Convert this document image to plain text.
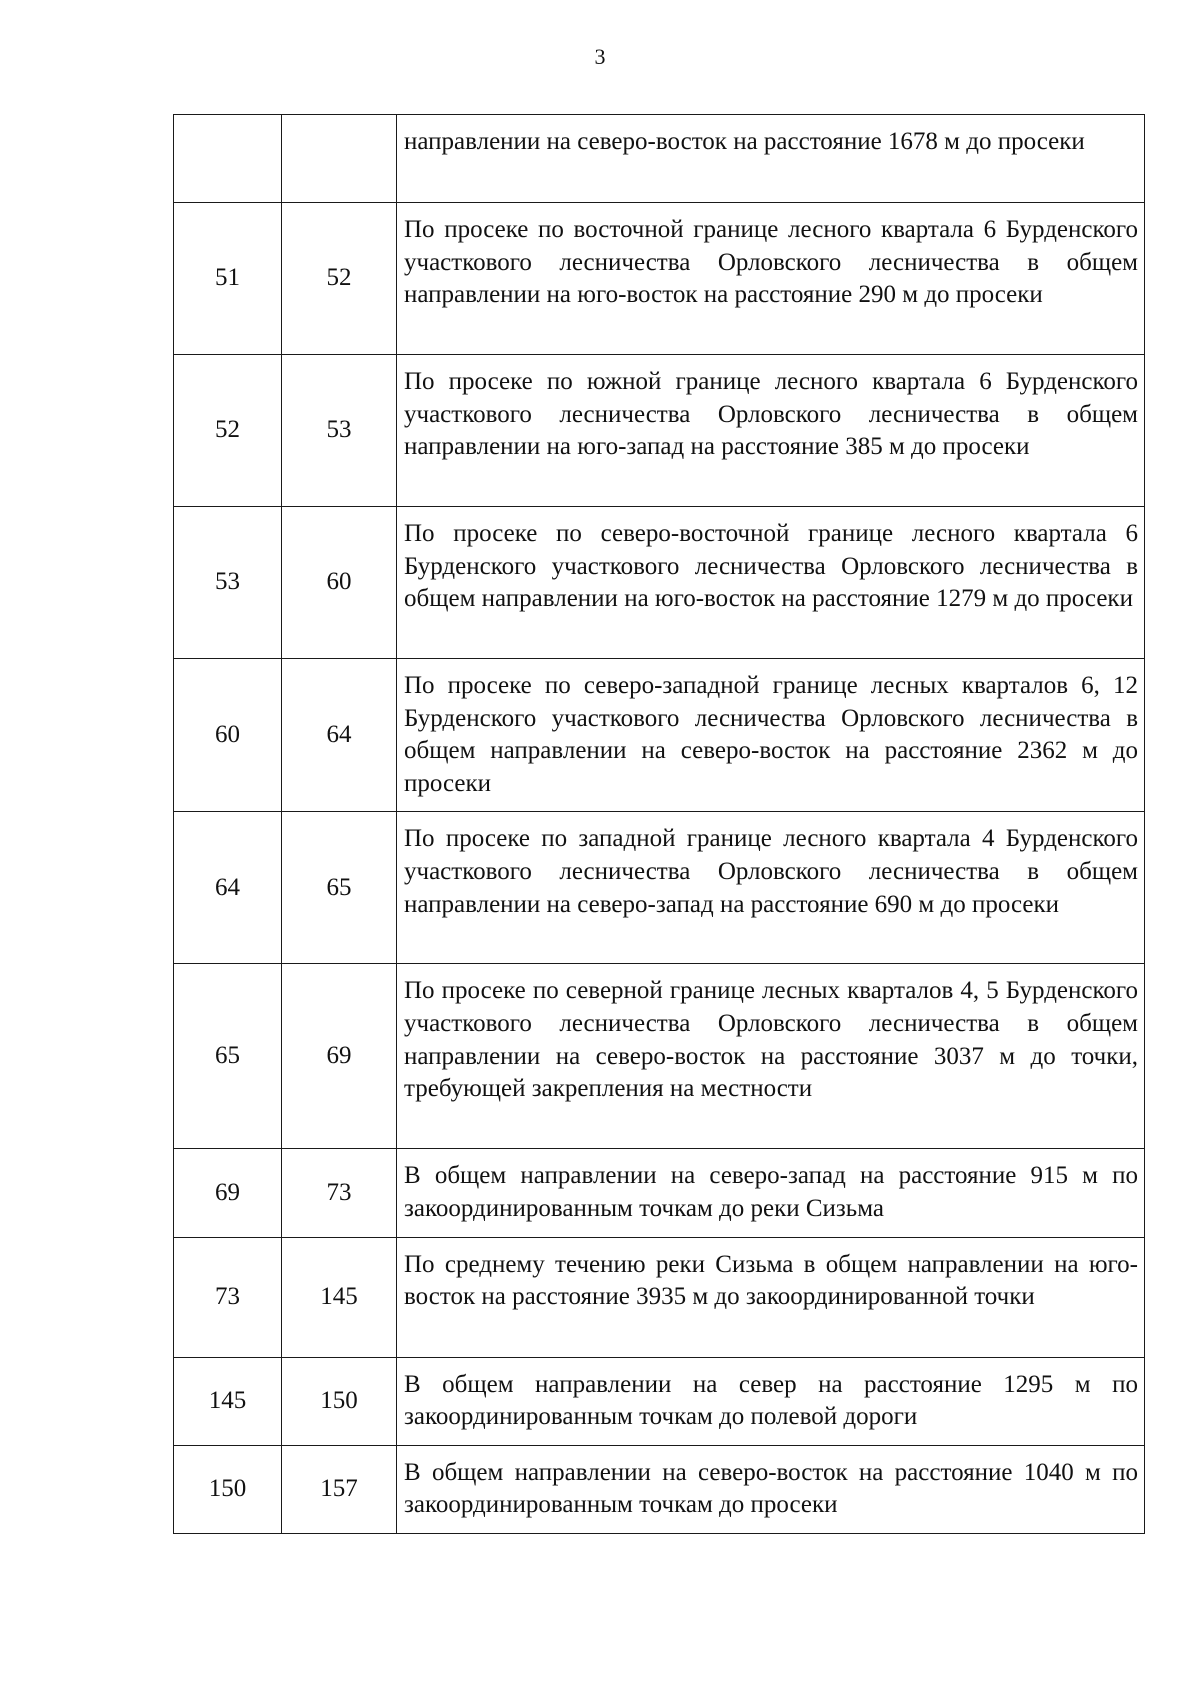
3
		направлении на северо-восток на расстояние 1678 м до просеки
51	52	По просеке по восточной границе лесного квартала 6 Бурденского участкового лесничества Орловского лесничества в общем направлении на юго-восток на расстояние 290 м до просеки
52	53	По просеке по южной границе лесного квартала 6 Бурденского участкового лесничества Орловского лесничества в общем направлении на юго-запад на расстояние 385 м до просеки
53	60	По просеке по северо-восточной границе лесного квартала 6 Бурденского участкового лесничества Орловского лесничества в общем направлении на юго-восток на расстояние 1279 м до просеки
60	64	По просеке по северо-западной границе лесных кварталов 6, 12 Бурденского участкового лесничества Орловского лесничества в общем направлении на северо-восток на расстояние 2362 м до просеки
64	65	По просеке по западной границе лесного квартала 4 Бурденского участкового лесничества Орловского лесничества в общем направлении на северо-запад на расстояние 690 м до просеки
65	69	По просеке по северной границе лесных кварталов 4, 5 Бурденского участкового лесничества Орловского лесничества в общем направлении на северо-восток на расстояние 3037 м до точки, требующей закрепления на местности
69	73	В общем направлении на северо-запад на расстояние 915 м по закоординированным точкам до реки Сизьма
73	145	По среднему течению реки Сизьма в общем направлении на юго-восток на расстояние 3935 м до закоординированной точки
145	150	В общем направлении на север на расстояние 1295 м по закоординированным точкам до полевой дороги
150	157	В общем направлении на северо-восток на расстояние 1040 м по закоординированным точкам до просеки
